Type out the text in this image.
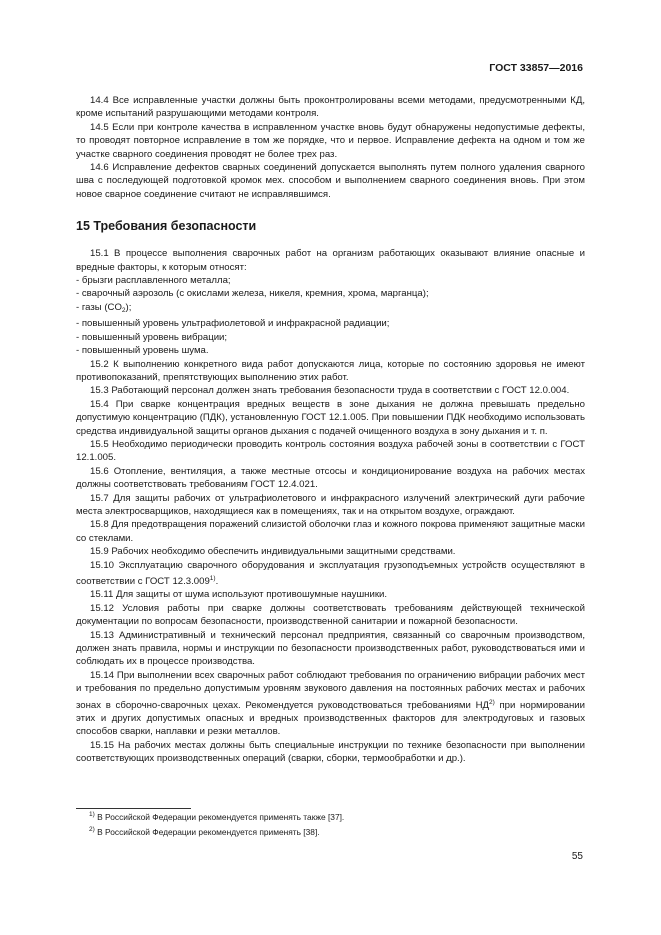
ГОСТ 33857—2016

14.4 Все исправленные участки должны быть проконтролированы всеми методами, предусмотренными КД, кроме испытаний разрушающими методами контроля.

14.5 Если при контроле качества в исправленном участке вновь будут обнаружены недопустимые дефекты, то проводят повторное исправление в том же порядке, что и первое. Исправление дефекта на одном и том же участке сварного соединения проводят не более трех раз.

14.6 Исправление дефектов сварных соединений допускается выполнять путем полного удаления сварного шва с последующей подготовкой кромок мех. способом и выполнением сварного соединения вновь. При этом новое сварное соединение считают не исправлявшимся.

15 Требования безопасности

15.1 В процессе выполнения сварочных работ на организм работающих оказывают влияние опасные и вредные факторы, к которым относят:

- брызги расплавленного металла;

- сварочный аэрозоль (с окислами железа, никеля, кремния, хрома, марганца);

- газы $(CO_2)$;

- повышенный уровень ультрафиолетовой и инфракрасной радиации;

- повышенный уровень вибрации;

- повышенный уровень шума.

15.2 К выполнению конкретного вида работ допускаются лица, которые по состоянию здоровья не имеют противопоказаний, препятствующих выполнению этих работ.

15.3 Работающий персонал должен знать требования безопасности труда в соответствии с ГОСТ 12.0.004.

15.4 При сварке концентрация вредных веществ в зоне дыхания не должна превышать предельно допустимую концентрацию (ПДК), установленную ГОСТ 12.1.005. При повышении ПДК необходимо использовать средства индивидуальной защиты органов дыхания с подачей очищенного воздуха в зону дыхания и т. п.

15.5 Необходимо периодически проводить контроль состояния воздуха рабочей зоны в соответствии с ГОСТ 12.1.005.

15.6 Отопление, вентиляция, а также местные отсосы и кондиционирование воздуха на рабочих местах должны соответствовать требованиям ГОСТ 12.4.021.

15.7 Для защиты рабочих от ультрафиолетового и инфракрасного излучений электрический дуги рабочие места электросварщиков, находящиеся как в помещениях, так и на открытом воздухе, ограждают.

15.8 Для предотвращения поражений слизистой оболочки глаз и кожного покрова применяют защитные маски со стеклами.

15.9 Рабочих необходимо обеспечить индивидуальными защитными средствами.

15.10 Эксплуатацию сварочного оборудования и эксплуатация грузоподъемных устройств осуществляют в соответствии с ГОСТ 12.3.009$^{1)}$.

15.11 Для защиты от шума используют противошумные наушники.

15.12 Условия работы при сварке должны соответствовать требованиям действующей технической документации по вопросам безопасности, производственной санитарии и пожарной безопасности.

15.13 Административный и технический персонал предприятия, связанный со сварочным производством, должен знать правила, нормы и инструкции по безопасности производственных работ, руководствоваться ими и соблюдать их в процессе производства.

15.14 При выполнении всех сварочных работ соблюдают требования по ограничению вибрации рабочих мест и требования по предельно допустимым уровням звукового давления на постоянных рабочих местах и рабочих зонах в сборочно-сварочных цехах. Рекомендуется руководствоваться требованиями НД$^{2)}$ при нормировании этих и других допустимых опасных и вредных производственных факторов для электродуговых и газовых способов сварки, наплавки и резки металлов.

15.15 На рабочих местах должны быть специальные инструкции по технике безопасности при выполнении соответствующих производственных операций (сварки, сборки, термообработки и др.).

$^{1)}$ В Российской Федерации рекомендуется применять также [37].

$^{2)}$ В Российской Федерации рекомендуется применять [38].

55
